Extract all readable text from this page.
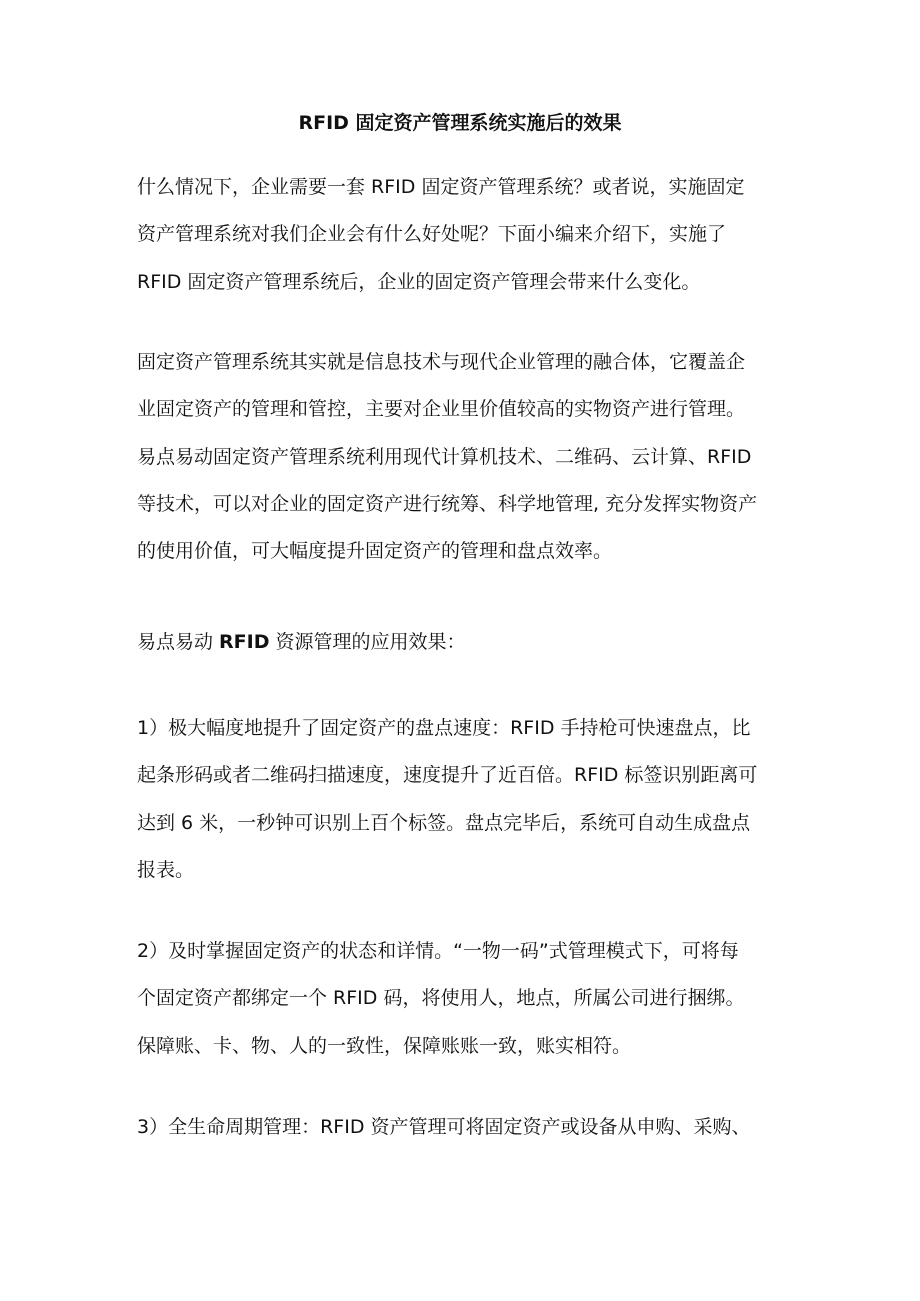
RFID 固定资产管理系统实施后的效果

什么情况下，企业需要一套 RFID 固定资产管理系统？或者说，实施固定
资产管理系统对我们企业会有什么好处呢？下面小编来介绍下，实施了
RFID 固定资产管理系统后，企业的固定资产管理会带来什么变化。

固定资产管理系统其实就是信息技术与现代企业管理的融合体，它覆盖企
业固定资产的管理和管控，主要对企业里价值较高的实物资产进行管理。
易点易动固定资产管理系统利用现代计算机技术、二维码、云计算、RFID
等技术，可以对企业的固定资产进行统筹、科学地管理, 充分发挥实物资产
的使用价值，可大幅度提升固定资产的管理和盘点效率。

易点易动 RFID 资源管理的应用效果：

1）极大幅度地提升了固定资产的盘点速度：RFID 手持枪可快速盘点，比
起条形码或者二维码扫描速度，速度提升了近百倍。RFID 标签识别距离可
达到 6 米，一秒钟可识别上百个标签。盘点完毕后，系统可自动生成盘点
报表。

2）及时掌握固定资产的状态和详情。“一物一码”式管理模式下，可将每
个固定资产都绑定一个 RFID 码，将使用人，地点，所属公司进行捆绑。
保障账、卡、物、人的一致性，保障账账一致，账实相符。

3）全生命周期管理：RFID 资产管理可将固定资产或设备从申购、采购、
